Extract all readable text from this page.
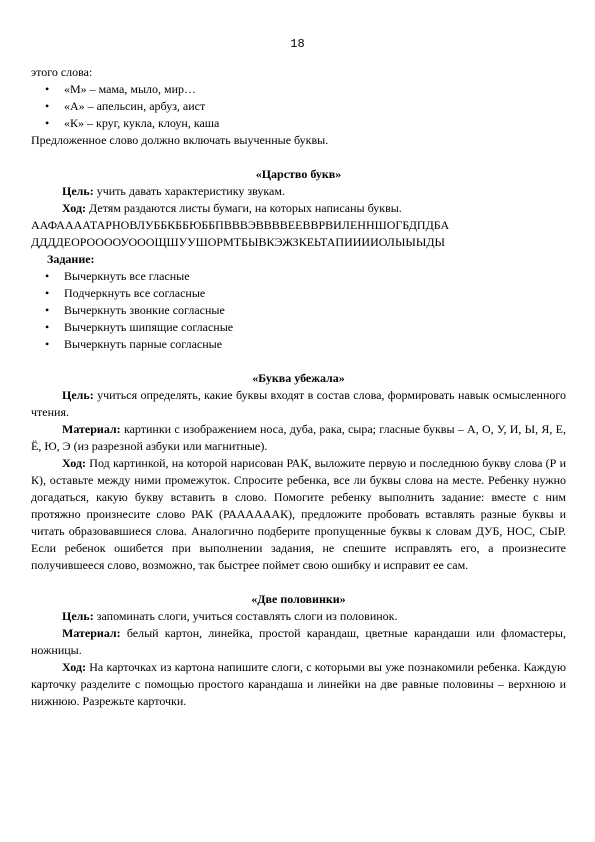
18

этого слова:

• «М» – мама, мыло, мир…
• «А» – апельсин, арбуз, аист
• «К» – круг, кукла, клоун, каша

Предложенное слово должно включать выученные буквы.

«Царство букв»

Цель: учить давать характеристику звукам.

Ход: Детям раздаются листы бумаги, на которых написаны буквы.

ААФААААТАРНОВЛУББКББЮББПВВВЭВВВВЕЕВВРВИЛЕННШОГБДПДБА

ДДДДЕОРООООУОООЩШУУШОРМТБЫВКЭЖЗКЕЬТАПИИИИОЛЫЫЫДЫ

Задание:

• Вычеркнуть все гласные
• Подчеркнуть все согласные
• Вычеркнуть звонкие согласные
• Вычеркнуть шипящие согласные
• Вычеркнуть парные согласные

«Буква убежала»

Цель: учиться определять, какие буквы входят в состав слова, формировать навык осмысленного чтения.

Материал: картинки с изображением носа, дуба, рака, сыра; гласные буквы – А, О, У, И, Ы, Я, Е, Ё, Ю, Э (из разрезной азбуки или магнитные).

Ход: Под картинкой, на которой нарисован РАК, выложите первую и последнюю букву слова (Р и К), оставьте между ними промежуток. Спросите ребенка, все ли буквы слова на месте. Ребенку нужно догадаться, какую букву вставить в слово. Помогите ребенку выполнить задание: вместе с ним протяжно произнесите слово РАК (РААААААК), предложите пробовать вставлять разные буквы и читать образовавшиеся слова. Аналогично подберите пропущенные буквы к словам ДУБ, НОС, СЫР. Если ребенок ошибется при выполнении задания, не спешите исправлять его, а произнесите получившееся слово, возможно, так быстрее поймет свою ошибку и исправит ее сам.

«Две половинки»

Цель: запоминать слоги, учиться составлять слоги из половинок.

Материал: белый картон, линейка, простой карандаш, цветные карандаши или фломастеры, ножницы.

Ход: На карточках из картона напишите слоги, с которыми вы уже познакомили ребенка. Каждую карточку разделите с помощью простого карандаша и линейки на две равные половины – верхнюю и нижнюю. Разрежьте карточки.
